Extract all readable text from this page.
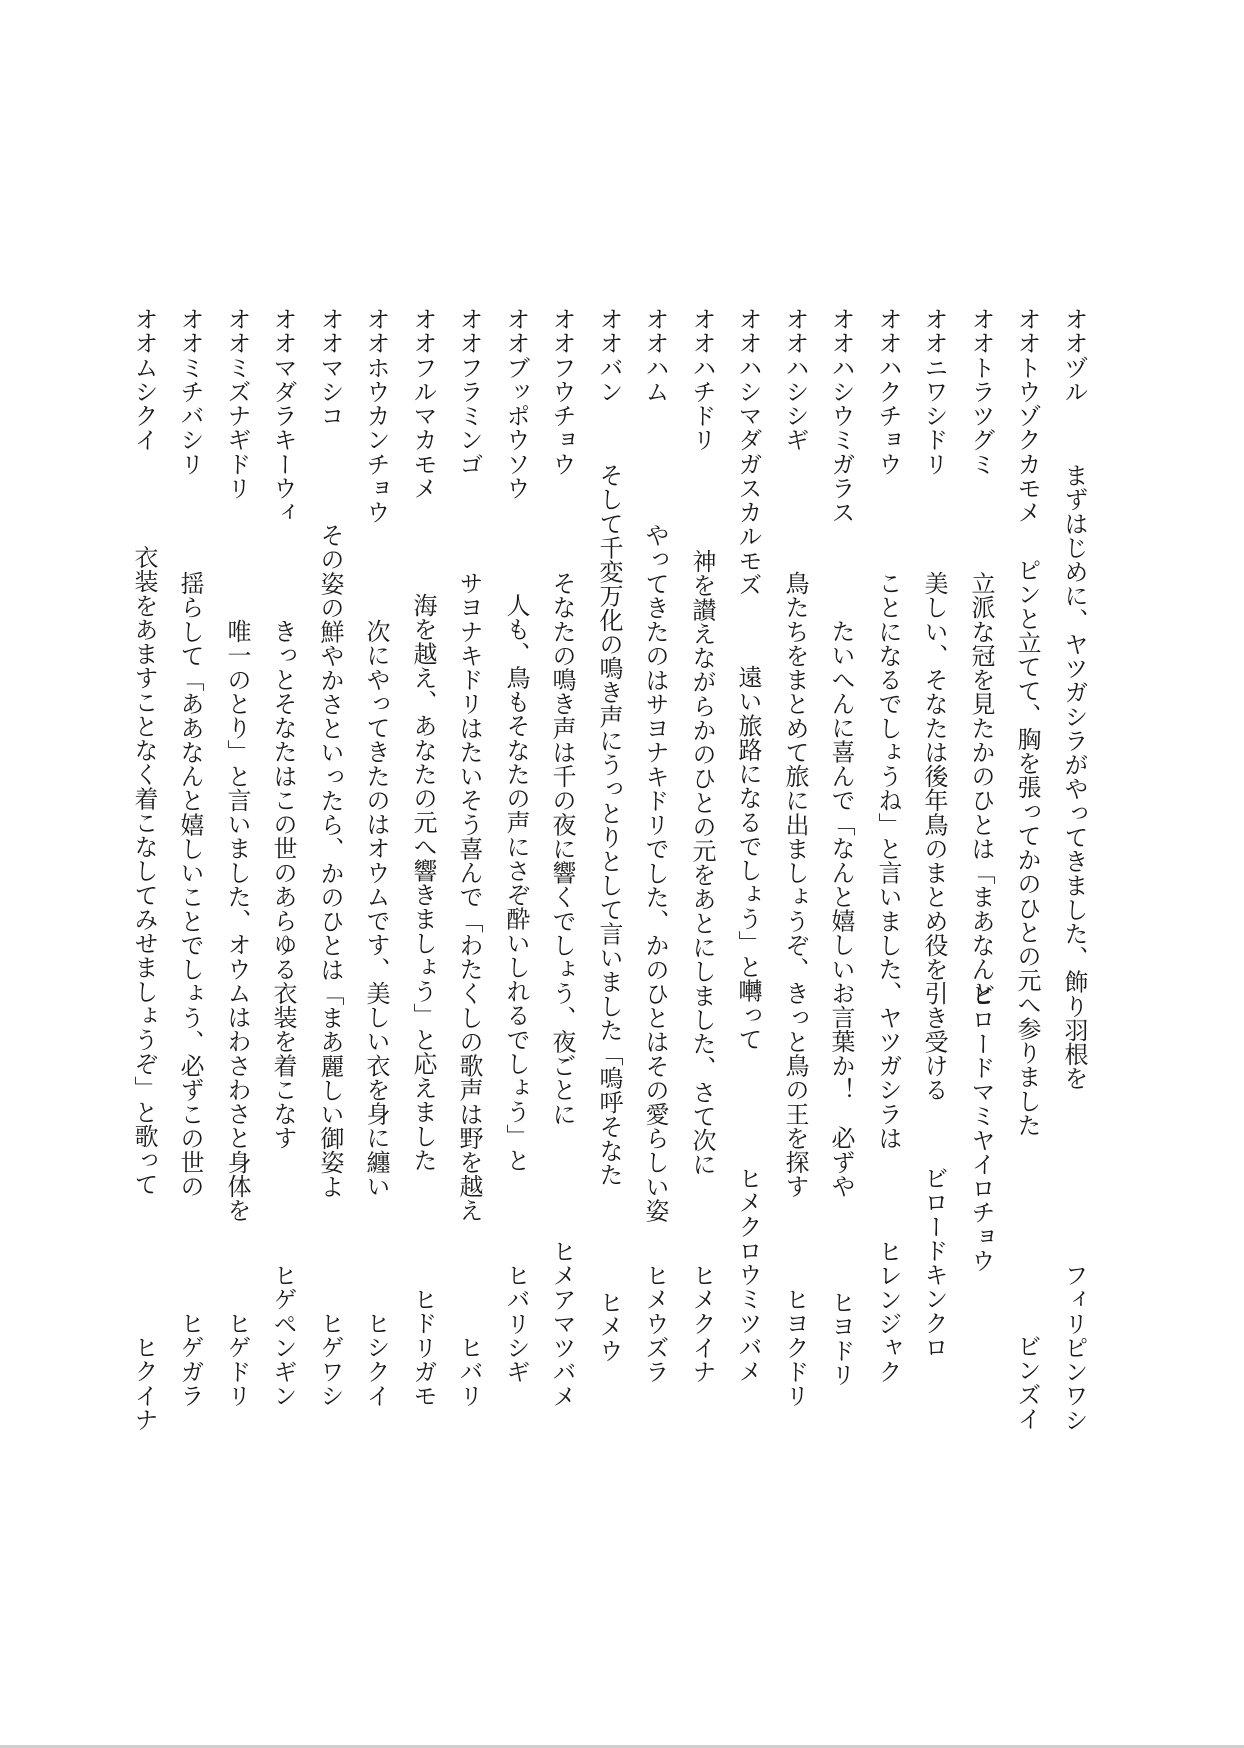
オオヅル
まずはじめに、ヤツガシラがやってきました、飾り羽根を
フィリピンワシ
オオトウゾクカモメ
ピンと立てて、胸を張ってかのひとの元へ参りました
ビンズイ
オオトラツグミ
立派な冠を見たかのひとは「まあなんと
ビロードマミヤイロチョウ
オオニワシドリ
美しい、そなたは後年鳥のまとめ役を引き受ける
ビロードキンクロ
オオハクチョウ
ことになるでしょうね」と言いました、ヤツガシラは
ヒレンジャク
オオハシウミガラス
たいへんに喜んで「なんと嬉しいお言葉か！　必ずや
ヒヨドリ
オオハシシギ
鳥たちをまとめて旅に出ましょうぞ、きっと鳥の王を探す
ヒヨクドリ
オオハシマダガスカルモズ
遠い旅路になるでしょう」と囀って
ヒメクロウミツバメ
オオハチドリ
神を讃えながらかのひとの元をあとにしました、さて次に
ヒメクイナ
オオハム
やってきたのはサヨナキドリでした、かのひとはその愛らしい姿
ヒメウズラ
オオバン
そして千変万化の鳴き声にうっとりとして言いました「嗚呼そなた
ヒメウ
オオフウチョウ
そなたの鳴き声は千の夜に響くでしょう、夜ごとに
ヒメアマツバメ
オオブッポウソウ
人も、鳥もそなたの声にさぞ酔いしれるでしょう」と
ヒバリシギ
オオフラミンゴ
サヨナキドリはたいそう喜んで「わたくしの歌声は野を越え
ヒバリ
オオフルマカモメ
海を越え、あなたの元へ響きましょう」と応えました
ヒドリガモ
オオホウカンチョウ
次にやってきたのはオウムです、美しい衣を身に纏い
ヒシクイ
オオマシコ
その姿の鮮やかさといったら、かのひとは「まあ麗しい御姿よ
ヒゲワシ
オオマダラキーウィ
きっとそなたはこの世のあらゆる衣装を着こなす
ヒゲペンギン
オオミズナギドリ
唯一のとり」と言いました、オウムはわさわさと身体を
ヒゲドリ
オオミチバシリ
揺らして「ああなんと嬉しいことでしょう、必ずこの世の
ヒゲガラ
オオムシクイ
衣装をあますことなく着こなしてみせましょうぞ」と歌って
ヒクイナ
